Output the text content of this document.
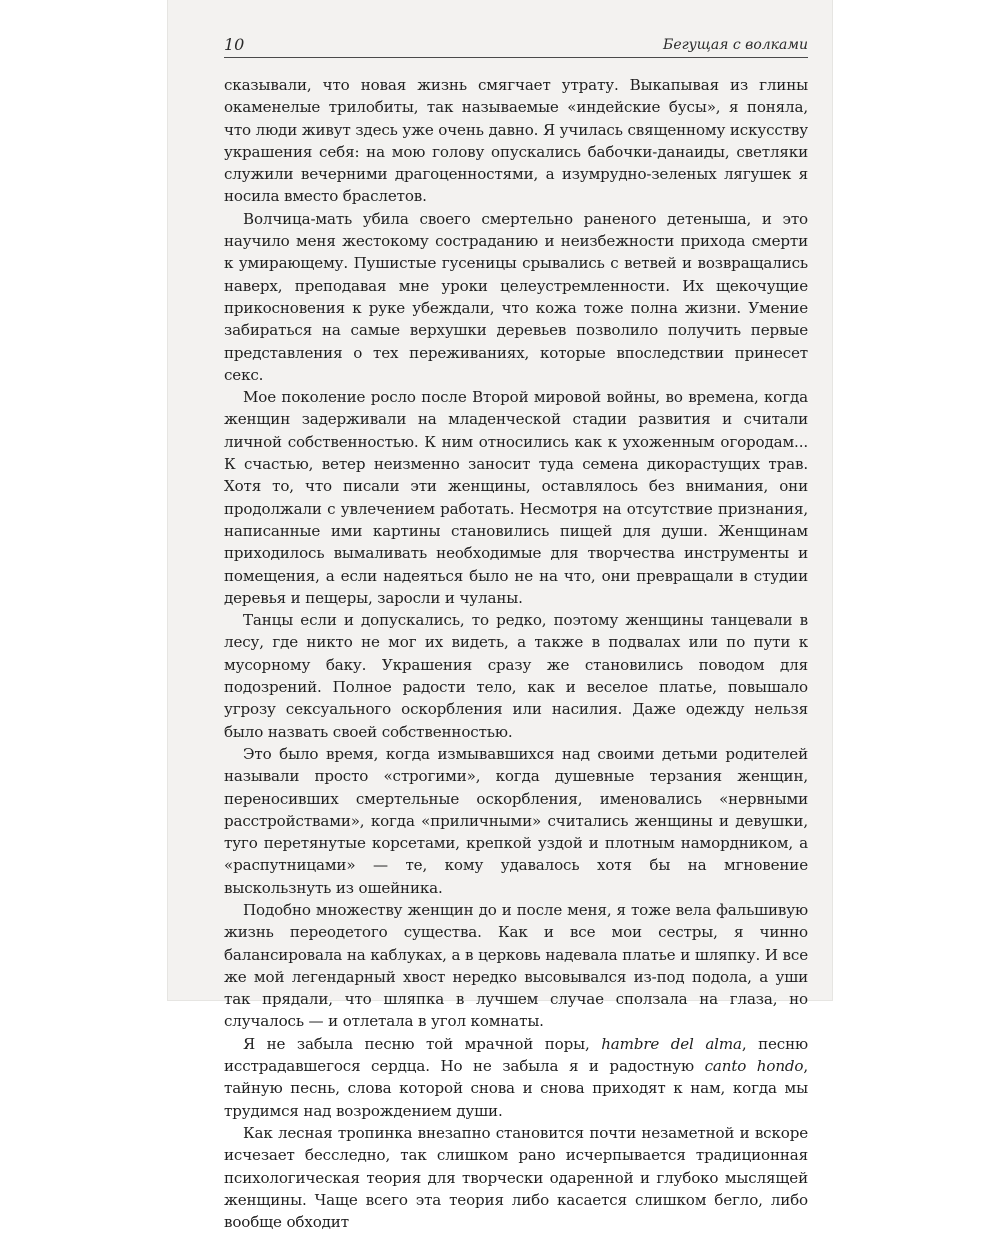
10	Бегущая с волками

сказывали, что новая жизнь смягчает утрату. Выкапывая из глины окаменелые трилобиты, так называемые «индейские бусы», я поняла, что люди живут здесь уже очень давно. Я училась священному искусству украшения себя: на мою голову опускались бабочки-данаиды, светляки служили вечерними драгоценностями, а изумрудно-зеленых лягушек я носила вместо браслетов.

Волчица-мать убила своего смертельно раненого детеныша, и это научило меня жестокому состраданию и неизбежности прихода смерти к умирающему. Пушистые гусеницы срывались с ветвей и возвращались наверх, преподавая мне уроки целеустремленности. Их щекочущие прикосновения к руке убеждали, что кожа тоже полна жизни. Умение забираться на самые верхушки деревьев позволило получить первые представления о тех переживаниях, которые впоследствии принесет секс.

Мое поколение росло после Второй мировой войны, во времена, когда женщин задерживали на младенческой стадии развития и считали личной собственностью. К ним относились как к ухоженным огородам... К счастью, ветер неизменно заносит туда семена дикорастущих трав. Хотя то, что писали эти женщины, оставлялось без внимания, они продолжали с увлечением работать. Несмотря на отсутствие признания, написанные ими картины становились пищей для души. Женщинам приходилось вымаливать необходимые для творчества инструменты и помещения, а если надеяться было не на что, они превращали в студии деревья и пещеры, заросли и чуланы.

Танцы если и допускались, то редко, поэтому женщины танцевали в лесу, где никто не мог их видеть, а также в подвалах или по пути к мусорному баку. Украшения сразу же становились поводом для подозрений. Полное радости тело, как и веселое платье, повышало угрозу сексуального оскорбления или насилия. Даже одежду нельзя было назвать своей собственностью.

Это было время, когда измывавшихся над своими детьми родителей называли просто «строгими», когда душевные терзания женщин, переносивших смертельные оскорбления, именовались «нервными расстройствами», когда «приличными» считались женщины и девушки, туго перетянутые корсетами, крепкой уздой и плотным намордником, а «распутницами» — те, кому удавалось хотя бы на мгновение выскользнуть из ошейника.

Подобно множеству женщин до и после меня, я тоже вела фальшивую жизнь переодетого существа. Как и все мои сестры, я чинно балансировала на каблуках, а в церковь надевала платье и шляпку. И все же мой легендарный хвост нередко высовывался из-под подола, а уши так прядали, что шляпка в лучшем случае сползала на глаза, но случалось — и отлетала в угол комнаты.

Я не забыла песню той мрачной поры, hambre del alma, песню исстрадавшегося сердца. Но не забыла я и радостную canto hondo, тайную песнь, слова которой снова и снова приходят к нам, когда мы трудимся над возрождением души.

Как лесная тропинка внезапно становится почти незаметной и вскоре исчезает бесследно, так слишком рано исчерпывается традиционная психологическая теория для творчески одаренной и глубоко мыслящей женщины. Чаще всего эта теория либо касается слишком бегло, либо вообще обходит
